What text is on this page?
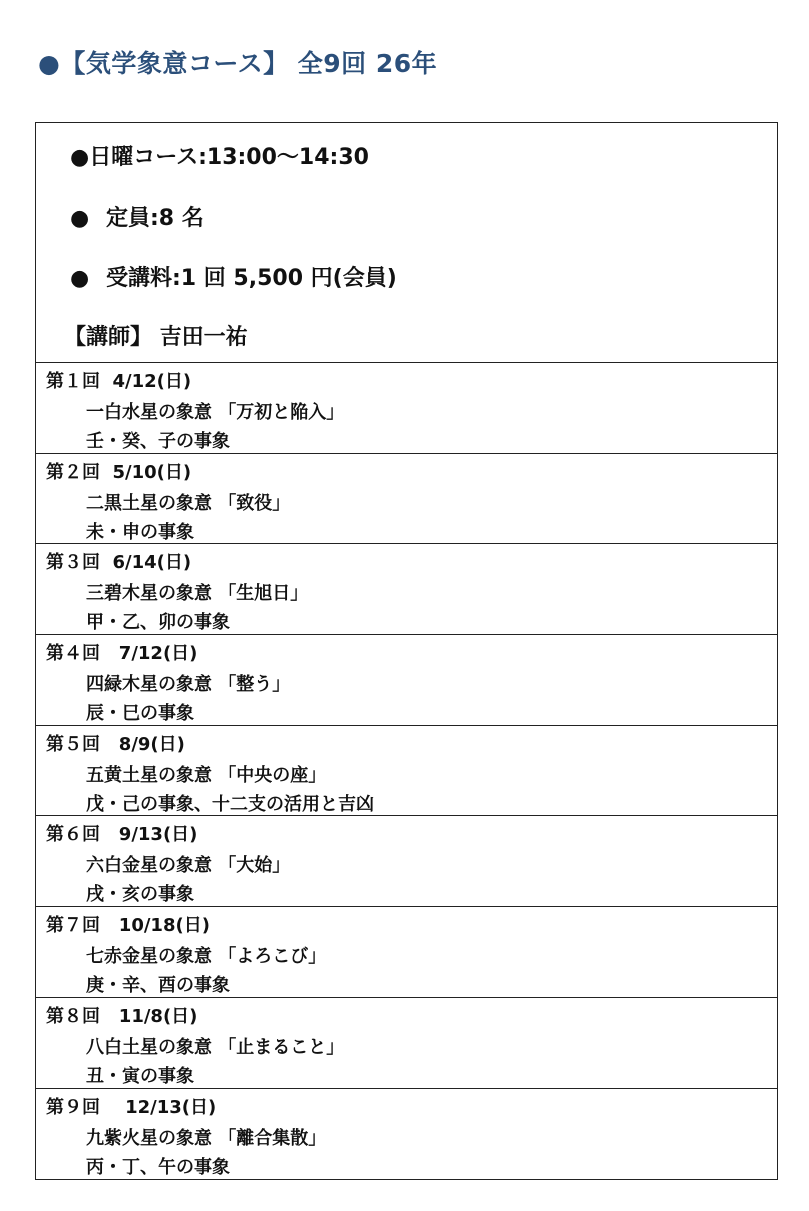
●【気学象意コース】 全9回 26年
●日曜コース:13:00～14:30
● 定員:8 名
● 受講料:1 回 5,500 円(会員)
【講師】 吉田一祐
第１回  4/12(日)
一白水星の象意 「万初と陥入」
壬・癸、子の事象
第２回  5/10(日)
二黒土星の象意 「致役」
未・申の事象
第３回  6/14(日)
三碧木星の象意 「生旭日」
甲・乙、卯の事象
第４回   7/12(日)
四緑木星の象意 「整う」
辰・巳の事象
第５回   8/9(日)
五黄土星の象意 「中央の座」
戊・己の事象、十二支の活用と吉凶
第６回   9/13(日)
六白金星の象意 「大始」
戌・亥の事象
第７回   10/18(日)
七赤金星の象意 「よろこび」
庚・辛、酉の事象
第８回   11/8(日)
八白土星の象意 「止まること」
丑・寅の事象
第９回    12/13(日)
九紫火星の象意 「離合集散」
丙・丁、午の事象
